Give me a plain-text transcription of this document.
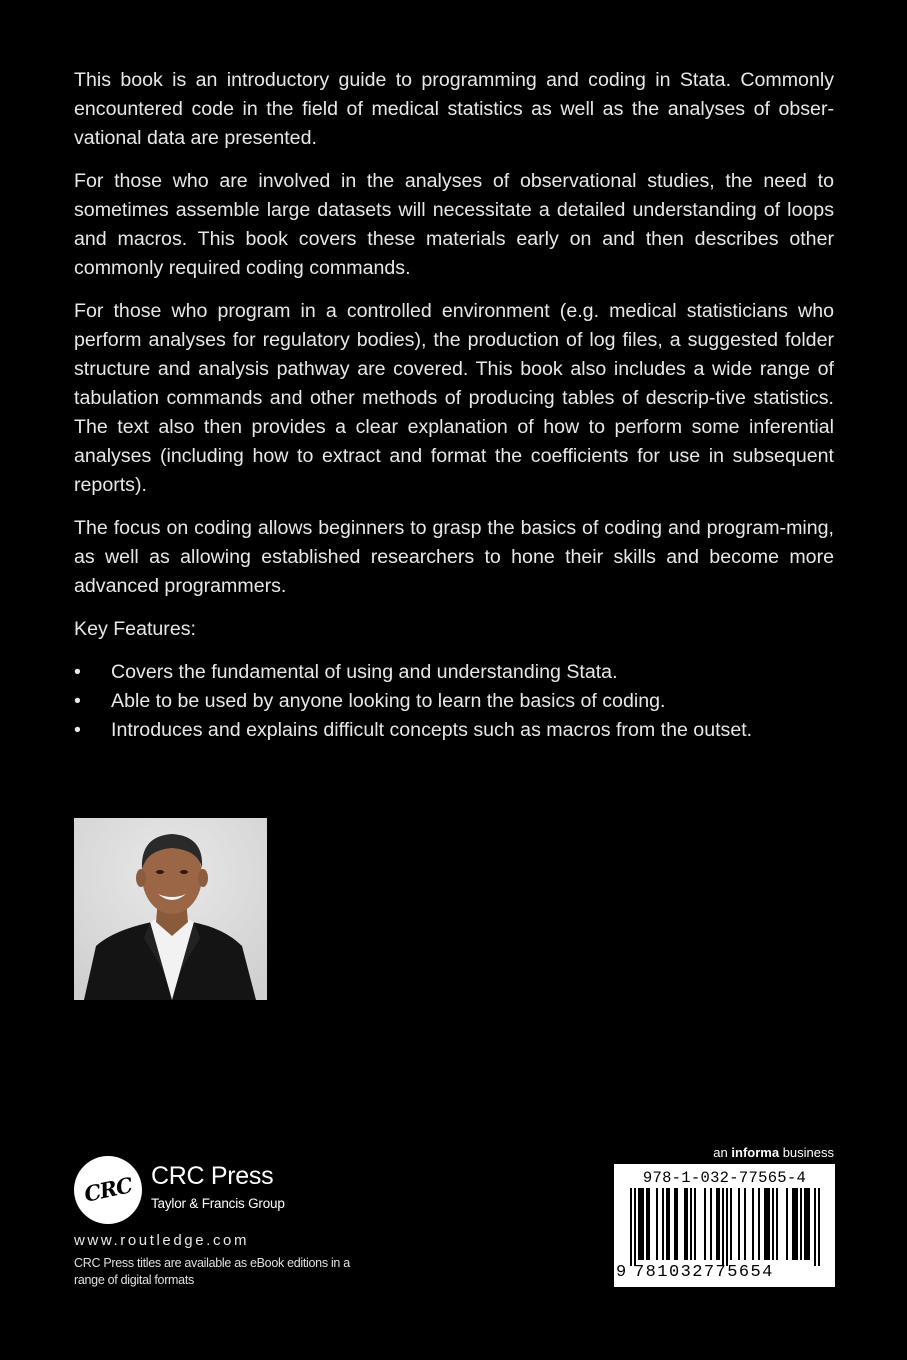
This book is an introductory guide to programming and coding in Stata. Commonly encountered code in the field of medical statistics as well as the analyses of obser-vational data are presented.

For those who are involved in the analyses of observational studies, the need to sometimes assemble large datasets will necessitate a detailed understanding of loops and macros. This book covers these materials early on and then describes other commonly required coding commands.

For those who program in a controlled environment (e.g. medical statisticians who perform analyses for regulatory bodies), the production of log files, a suggested folder structure and analysis pathway are covered. This book also includes a wide range of tabulation commands and other methods of producing tables of descrip-tive statistics. The text also then provides a clear explanation of how to perform some inferential analyses (including how to extract and format the coefficients for use in subsequent reports).

The focus on coding allows beginners to grasp the basics of coding and program-ming, as well as allowing established researchers to hone their skills and become more advanced programmers.

Key Features:
• Covers the fundamental of using and understanding Stata.
• Able to be used by anyone looking to learn the basics of coding.
• Introduces and explains difficult concepts such as macros from the outset.
CRC CRC Press
Taylor & Francis Group
www.routledge.com
CRC Press titles are available as eBook editions in a range of digital formats
an informa business
978-1-032-77565-4
9 781032775654
